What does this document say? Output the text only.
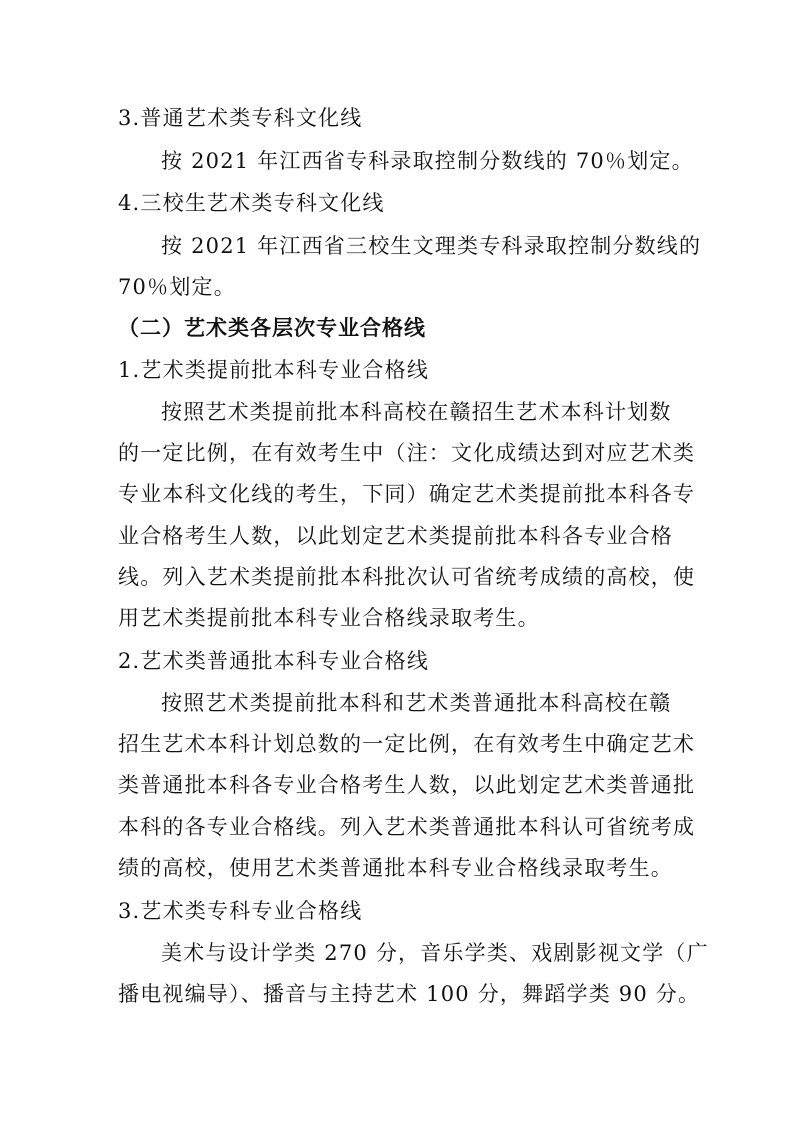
3.普通艺术类专科文化线
按 2021 年江西省专科录取控制分数线的 70％划定。
4.三校生艺术类专科文化线
按 2021 年江西省三校生文理类专科录取控制分数线的
70％划定。
（二）艺术类各层次专业合格线
1.艺术类提前批本科专业合格线
按照艺术类提前批本科高校在赣招生艺术本科计划数
的一定比例，在有效考生中（注：文化成绩达到对应艺术类
专业本科文化线的考生，下同）确定艺术类提前批本科各专
业合格考生人数，以此划定艺术类提前批本科各专业合格
线。列入艺术类提前批本科批次认可省统考成绩的高校，使
用艺术类提前批本科专业合格线录取考生。
2.艺术类普通批本科专业合格线
按照艺术类提前批本科和艺术类普通批本科高校在赣
招生艺术本科计划总数的一定比例，在有效考生中确定艺术
类普通批本科各专业合格考生人数，以此划定艺术类普通批
本科的各专业合格线。列入艺术类普通批本科认可省统考成
绩的高校，使用艺术类普通批本科专业合格线录取考生。
3.艺术类专科专业合格线
美术与设计学类 270 分，音乐学类、戏剧影视文学（广
播电视编导）、播音与主持艺术 100 分，舞蹈学类 90 分。
